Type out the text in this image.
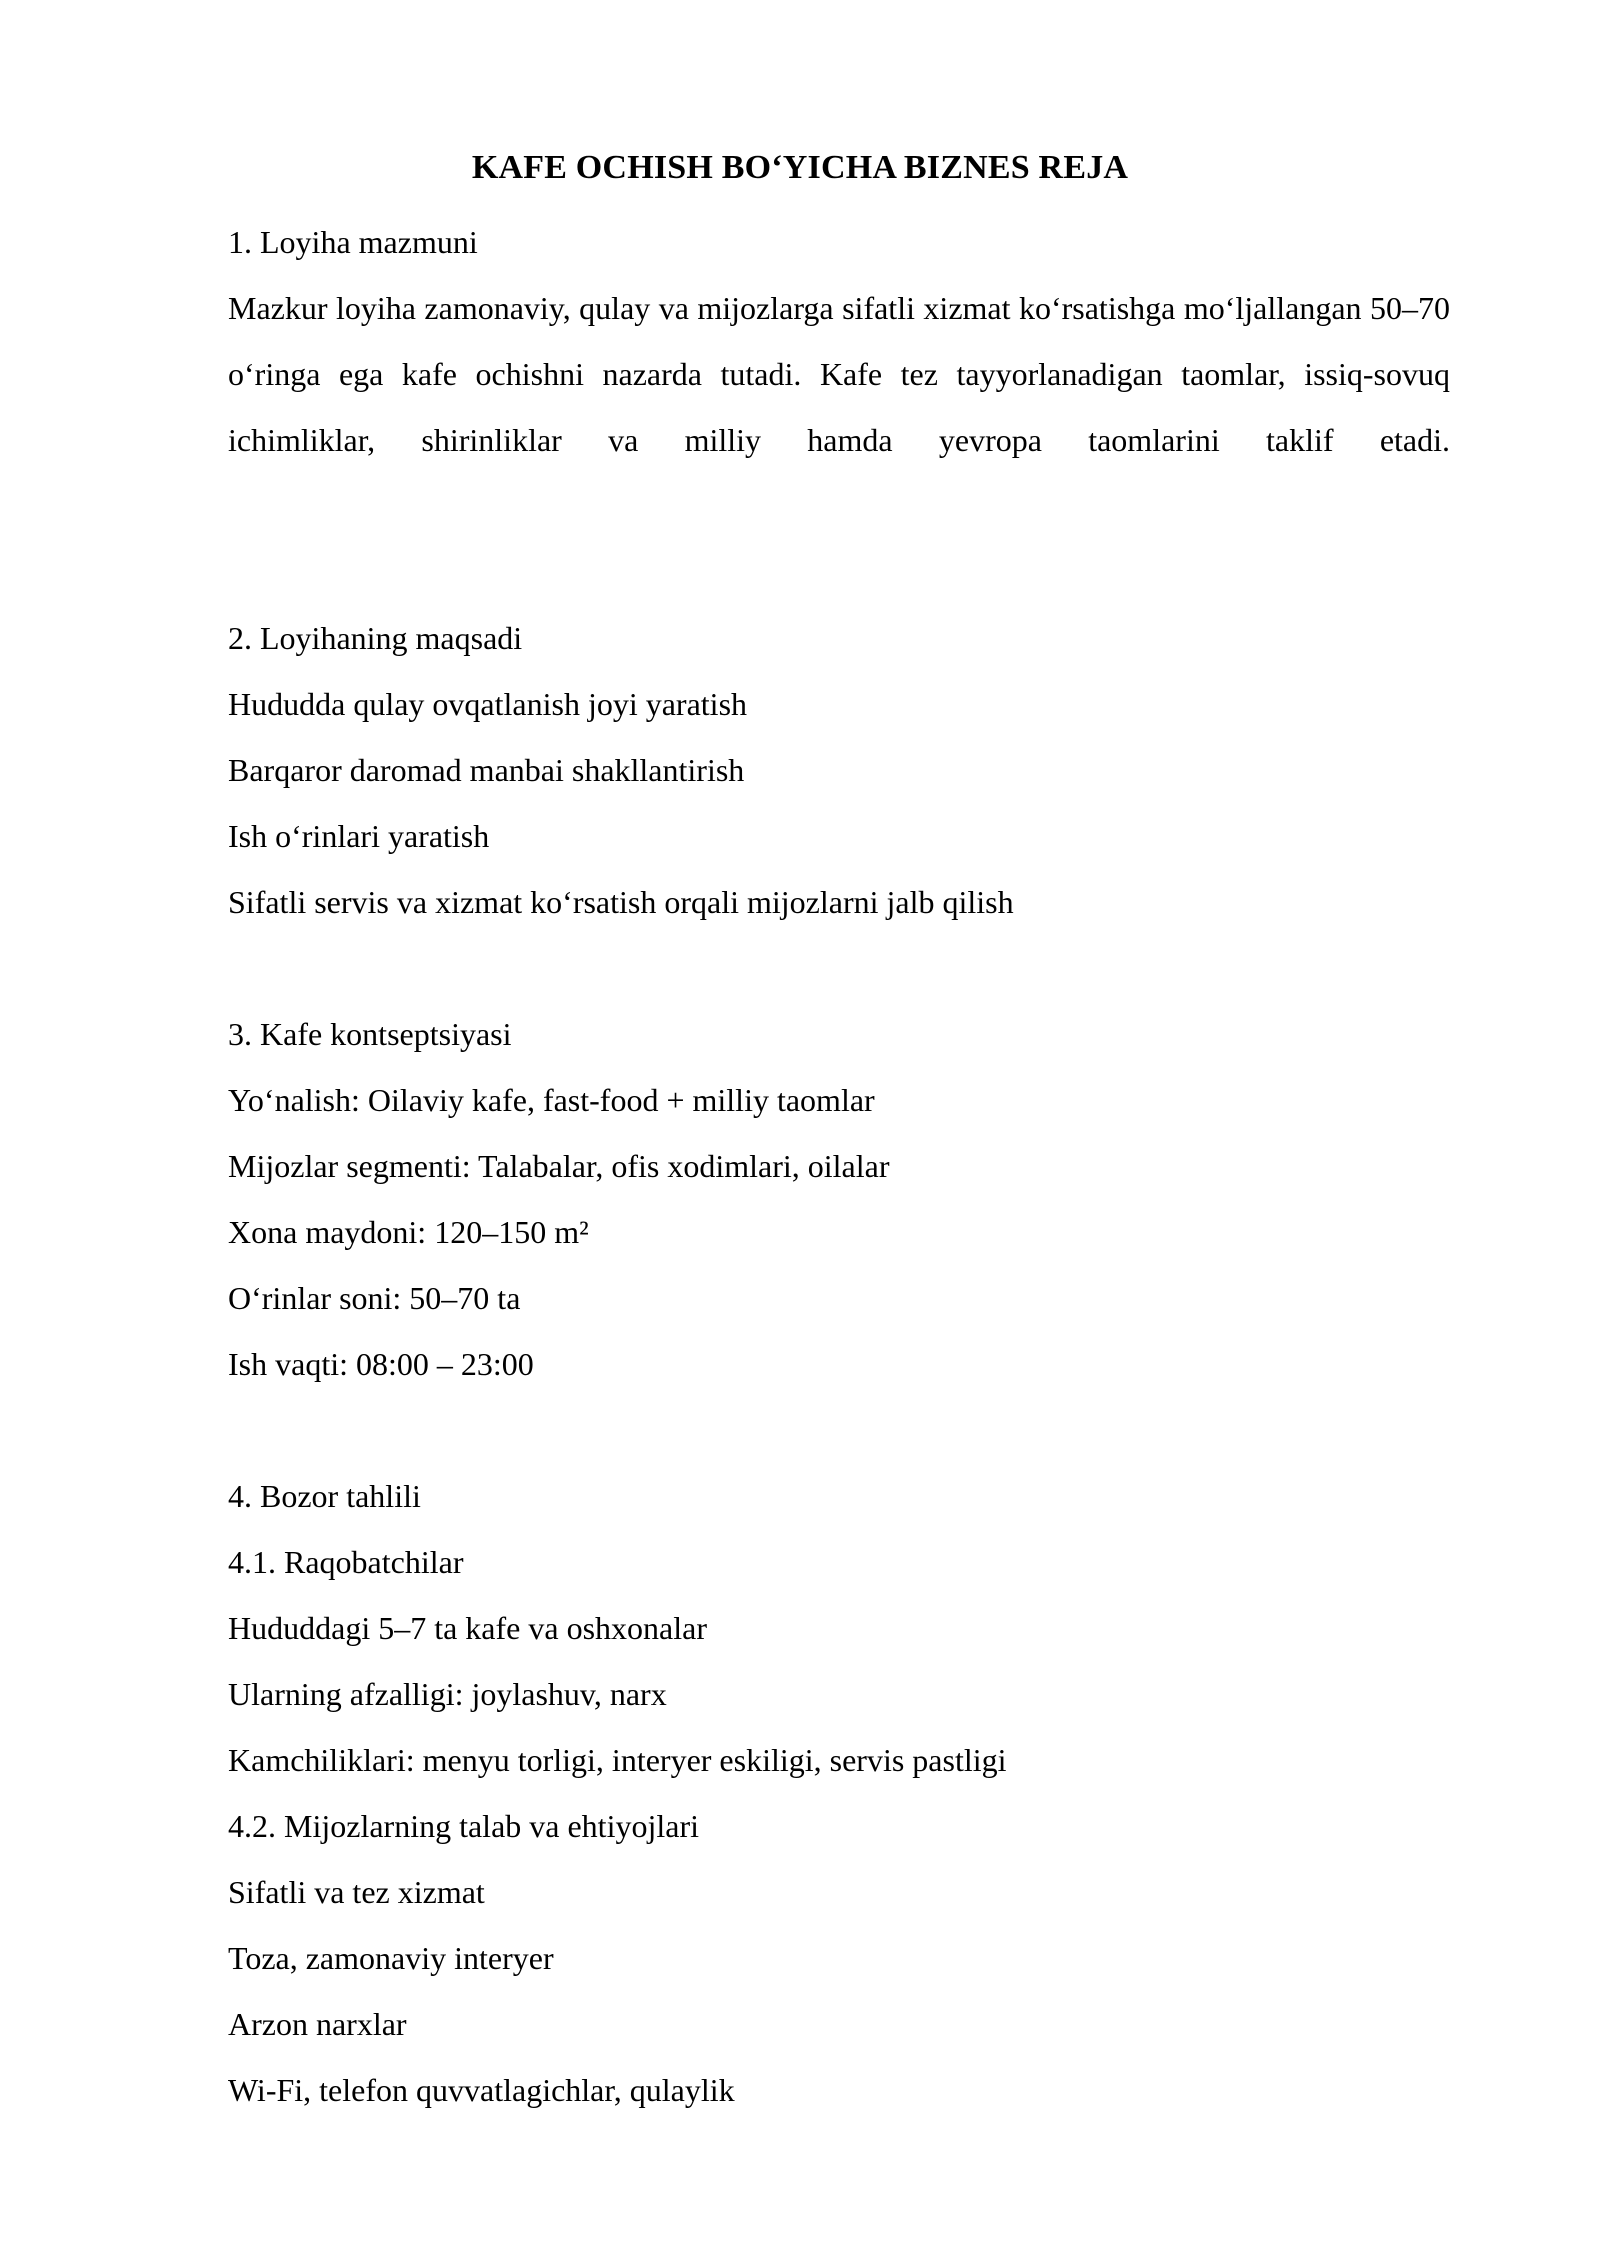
KAFE OCHISH BO‘YICHA BIZNES REJA

1. Loyiha mazmuni

Mazkur loyiha zamonaviy, qulay va mijozlarga sifatli xizmat ko‘rsatishga mo‘ljallangan 50–70 o‘ringa ega kafe ochishni nazarda tutadi. Kafe tez tayyorlanadigan taomlar, issiq-sovuq ichimliklar, shirinliklar va milliy hamda yevropa taomlarini taklif etadi.

2. Loyihaning maqsadi

Hududda qulay ovqatlanish joyi yaratish

Barqaror daromad manbai shakllantirish

Ish o‘rinlari yaratish

Sifatli servis va xizmat ko‘rsatish orqali mijozlarni jalb qilish

3. Kafe kontseptsiyasi

Yo‘nalish: Oilaviy kafe, fast-food + milliy taomlar

Mijozlar segmenti: Talabalar, ofis xodimlari, oilalar

Xona maydoni: 120–150 m²

O‘rinlar soni: 50–70 ta

Ish vaqti: 08:00 – 23:00

4. Bozor tahlili

4.1. Raqobatchilar

Hududdagi 5–7 ta kafe va oshxonalar

Ularning afzalligi: joylashuv, narx

Kamchiliklari: menyu torligi, interyer eskiligi, servis pastligi

4.2. Mijozlarning talab va ehtiyojlari

Sifatli va tez xizmat

Toza, zamonaviy interyer

Arzon narxlar

Wi-Fi, telefon quvvatlagichlar, qulaylik
